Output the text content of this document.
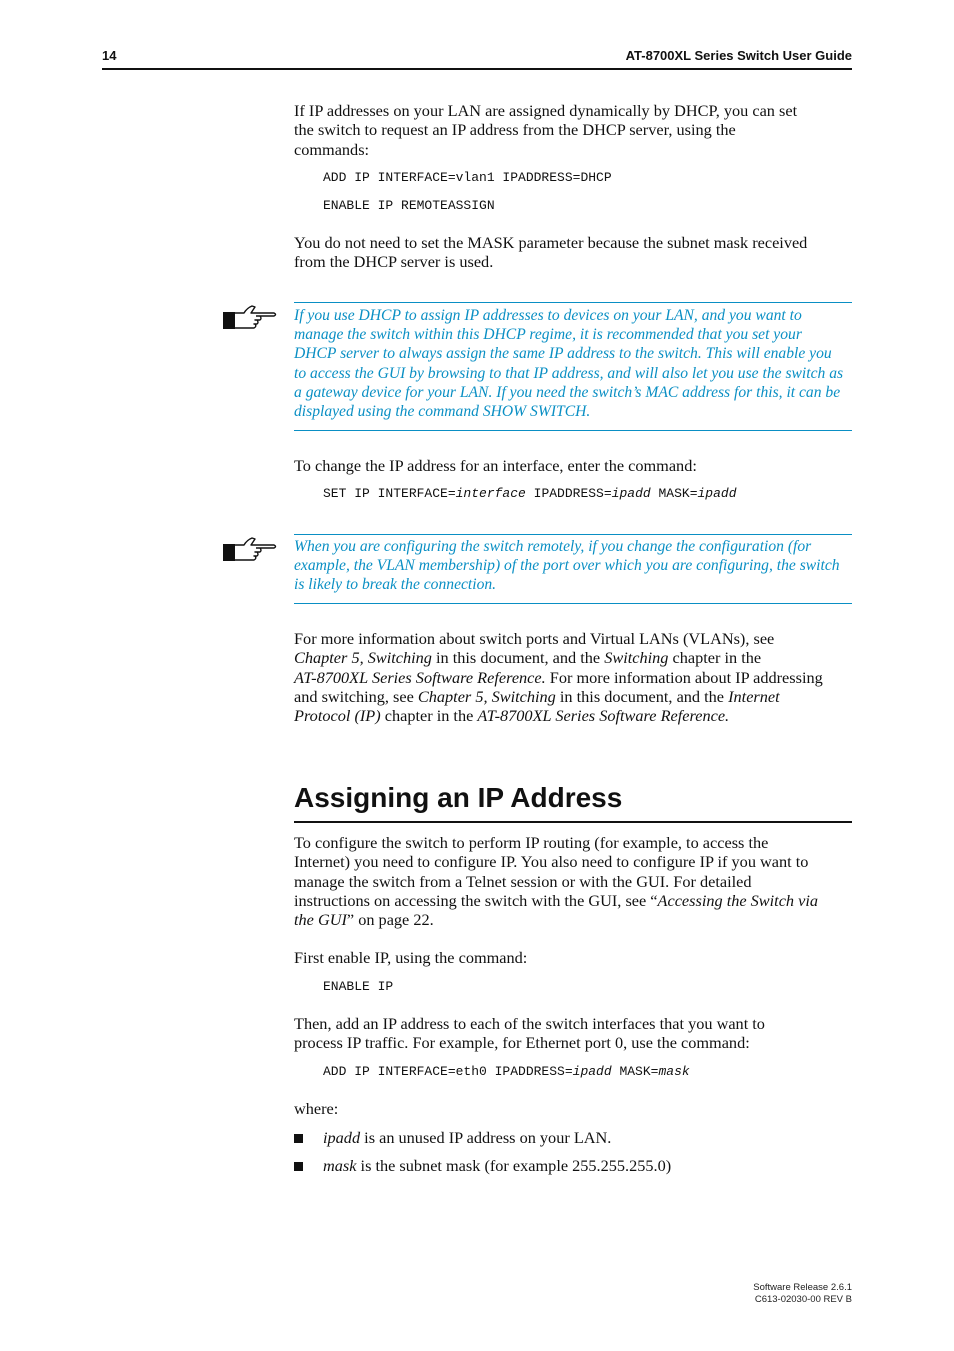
14	AT-8700XL Series Switch User Guide
If IP addresses on your LAN are assigned dynamically by DHCP, you can set
the switch to request an IP address from the DHCP server, using the
commands:
ADD IP INTERFACE=vlan1 IPADDRESS=DHCP
ENABLE IP REMOTEASSIGN
You do not need to set the MASK parameter because the subnet mask received
from the DHCP server is used.
If you use DHCP to assign IP addresses to devices on your LAN, and you want to
manage the switch within this DHCP regime, it is recommended that you set your
DHCP server to always assign the same IP address to the switch. This will enable you
to access the GUI by browsing to that IP address, and will also let you use the switch as
a gateway device for your LAN. If you need the switch’s MAC address for this, it can be
displayed using the command SHOW SWITCH.
To change the IP address for an interface, enter the command:
SET IP INTERFACE=interface IPADDRESS=ipadd MASK=ipadd
When you are configuring the switch remotely, if you change the configuration (for
example, the VLAN membership) of the port over which you are configuring, the switch
is likely to break the connection.
For more information about switch ports and Virtual LANs (VLANs), see
Chapter 5, Switching in this document, and the Switching chapter in the
AT-8700XL Series Software Reference. For more information about IP addressing
and switching, see Chapter 5, Switching in this document, and the Internet
Protocol (IP) chapter in the AT-8700XL Series Software Reference.
Assigning an IP Address
To configure the switch to perform IP routing (for example, to access the
Internet) you need to configure IP. You also need to configure IP if you want to
manage the switch from a Telnet session or with the GUI. For detailed
instructions on accessing the switch with the GUI, see “Accessing the Switch via
the GUI” on page 22.
First enable IP, using the command:
ENABLE IP
Then, add an IP address to each of the switch interfaces that you want to
process IP traffic. For example, for Ethernet port 0, use the command:
ADD IP INTERFACE=eth0 IPADDRESS=ipadd MASK=mask
where:
ipadd is an unused IP address on your LAN.
mask is the subnet mask (for example 255.255.255.0)
Software Release 2.6.1
C613-02030-00 REV B
